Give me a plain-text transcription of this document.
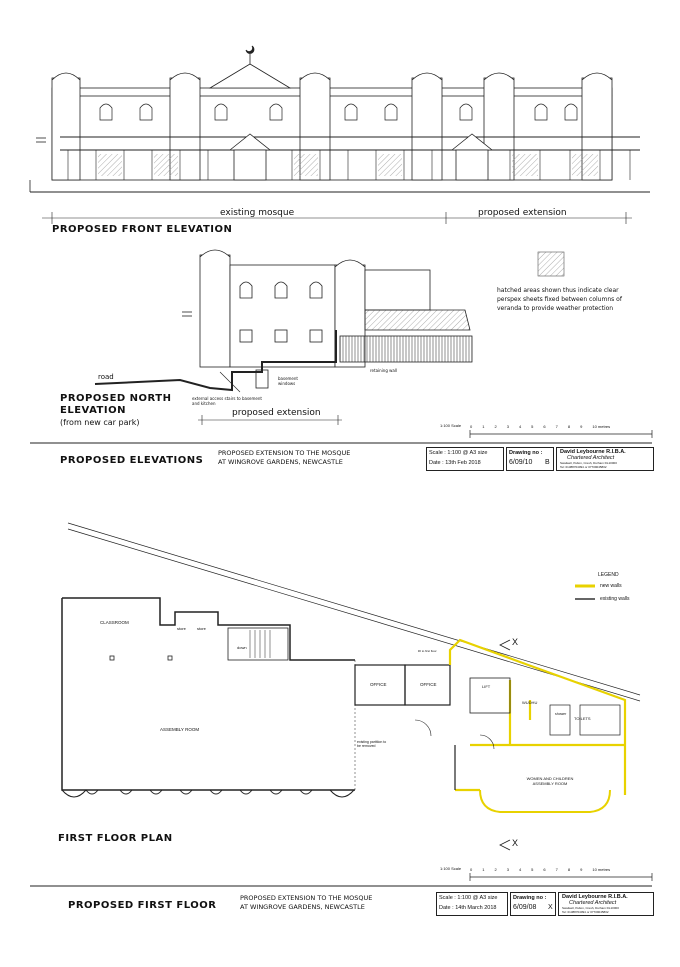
existing mosque	proposed extension
PROPOSED FRONT ELEVATION
hatched areas shown thus indicate clear perspex sheets fixed between columns of veranda to provide weather protection
road
retaining wall
basement windows
external access stairs to basement and kitchen
proposed extension
PROPOSED NORTH
ELEVATION
(from new car park)	1:100 Scale 0	1	2	3	4	5	6	7	8	9	10 metres
PROPOSED ELEVATIONS
PROPOSED EXTENSION TO THE MOSQUE
AT WINGROVE GARDENS, NEWCASTLE
Scale : 1:100 @ A3 size
Date : 13th Feb 2018
Drawing no :
6/09/10 B
David Leybourne R.I.B.A.
Chartered Architect
Swalwell, Pelton, Cresh, Durham DL10000
Tel: 01388704094 or 07709045802
CLASSROOM
store	store
down
ASSEMBLY ROOM
OFFICE	OFFICE	LIFT
WUDHU
TOILETS
shower
WOMEN AND CHILDREN ASSEMBLY ROOM
existing partition to be removed
lift to first floor
X
X
FIRST FLOOR PLAN
LEGEND
new walls
existing walls
1:100 Scale 0	1	2	3	4	5	6	7	8	9	10 metres
PROPOSED FIRST FLOOR
PROPOSED EXTENSION TO THE MOSQUE
AT WINGROVE GARDENS, NEWCASTLE
Scale : 1:100 @ A3 size
Date : 14th March 2018
Drawing no :
6/09/08 X
David Leybourne R.I.B.A.
Chartered Architect
Swalwell, Pelton, Cresh, Durham DL10000
Tel: 01388704094 or 07709045802
